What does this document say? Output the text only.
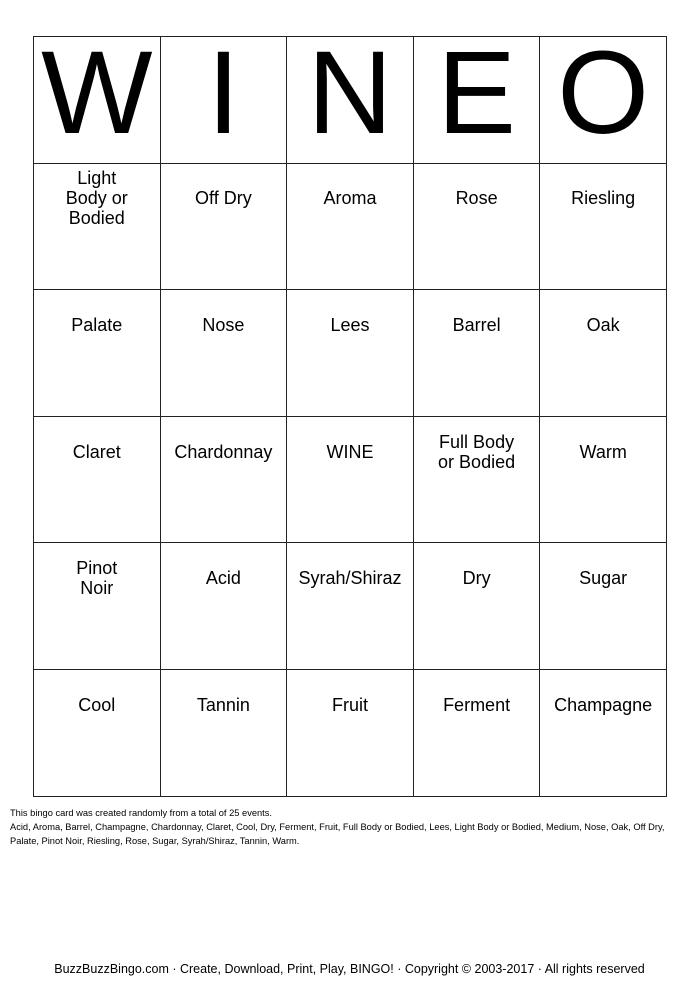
W	I	N	E	O
Light
Body or
Bodied	Off Dry	Aroma	Rose	Riesling
Palate	Nose	Lees	Barrel	Oak
Claret	Chardonnay	WINE	Full Body
or Bodied	Warm
Pinot
Noir	Acid	Syrah/Shiraz	Dry	Sugar
Cool	Tannin	Fruit	Ferment	Champagne
This bingo card was created randomly from a total of 25 events.
Acid, Aroma, Barrel, Champagne, Chardonnay, Claret, Cool, Dry, Ferment, Fruit, Full Body or Bodied, Lees, Light Body or Bodied, Medium, Nose, Oak, Off Dry, Palate, Pinot Noir, Riesling, Rose, Sugar, Syrah/Shiraz, Tannin, Warm.
BuzzBuzzBingo.com · Create, Download, Print, Play, BINGO! · Copyright © 2003-2017 · All rights reserved
